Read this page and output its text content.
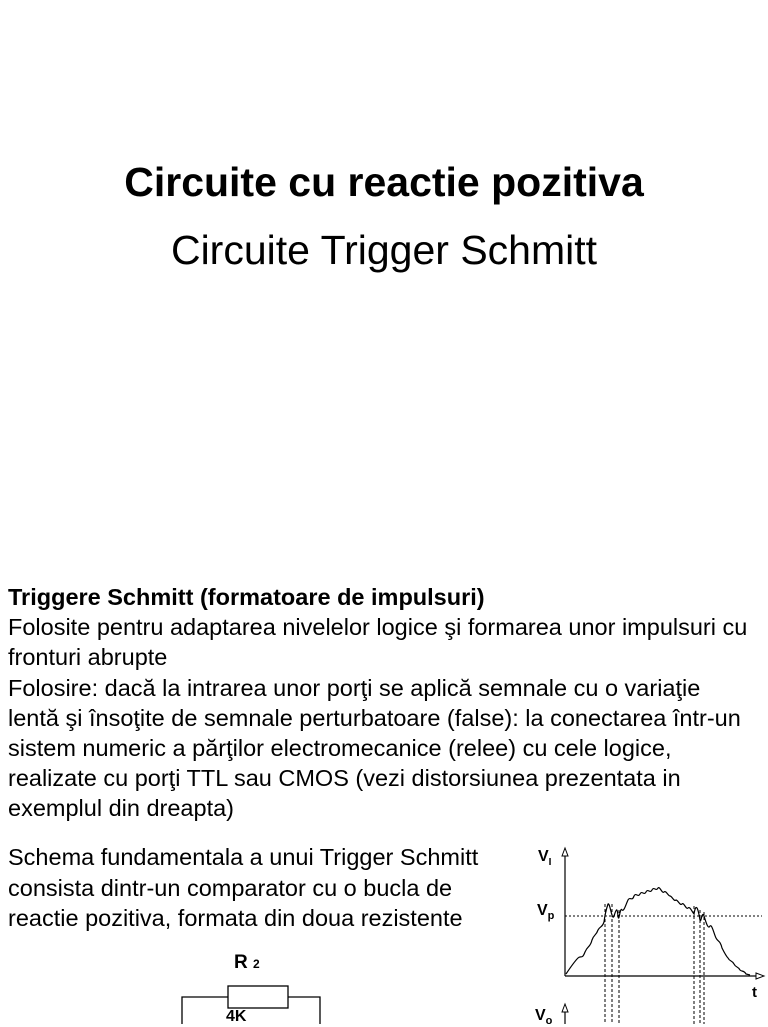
Circuite cu reactie pozitiva
Circuite Trigger Schmitt

Triggere Schmitt (formatoare de impulsuri)

Folosite pentru adaptarea nivelelor logice şi formarea unor impulsuri cu fronturi abrupte

Folosire: dacă la intrarea unor porţi se aplică semnale cu o variaţie lentă şi însoţite de semnale perturbatoare (false): la conectarea într-un sistem numeric a părţilor electromecanice (relee) cu cele logice, realizate cu porţi TTL sau CMOS (vezi distorsiunea prezentata in exemplul din dreapta)

Schema fundamentala a unui Trigger Schmitt
consista dintr-un comparator cu o bucla de
reactie pozitiva, formata din doua rezistente
$V_I$
$V_p$
t
$V_o$
R 2
4K
